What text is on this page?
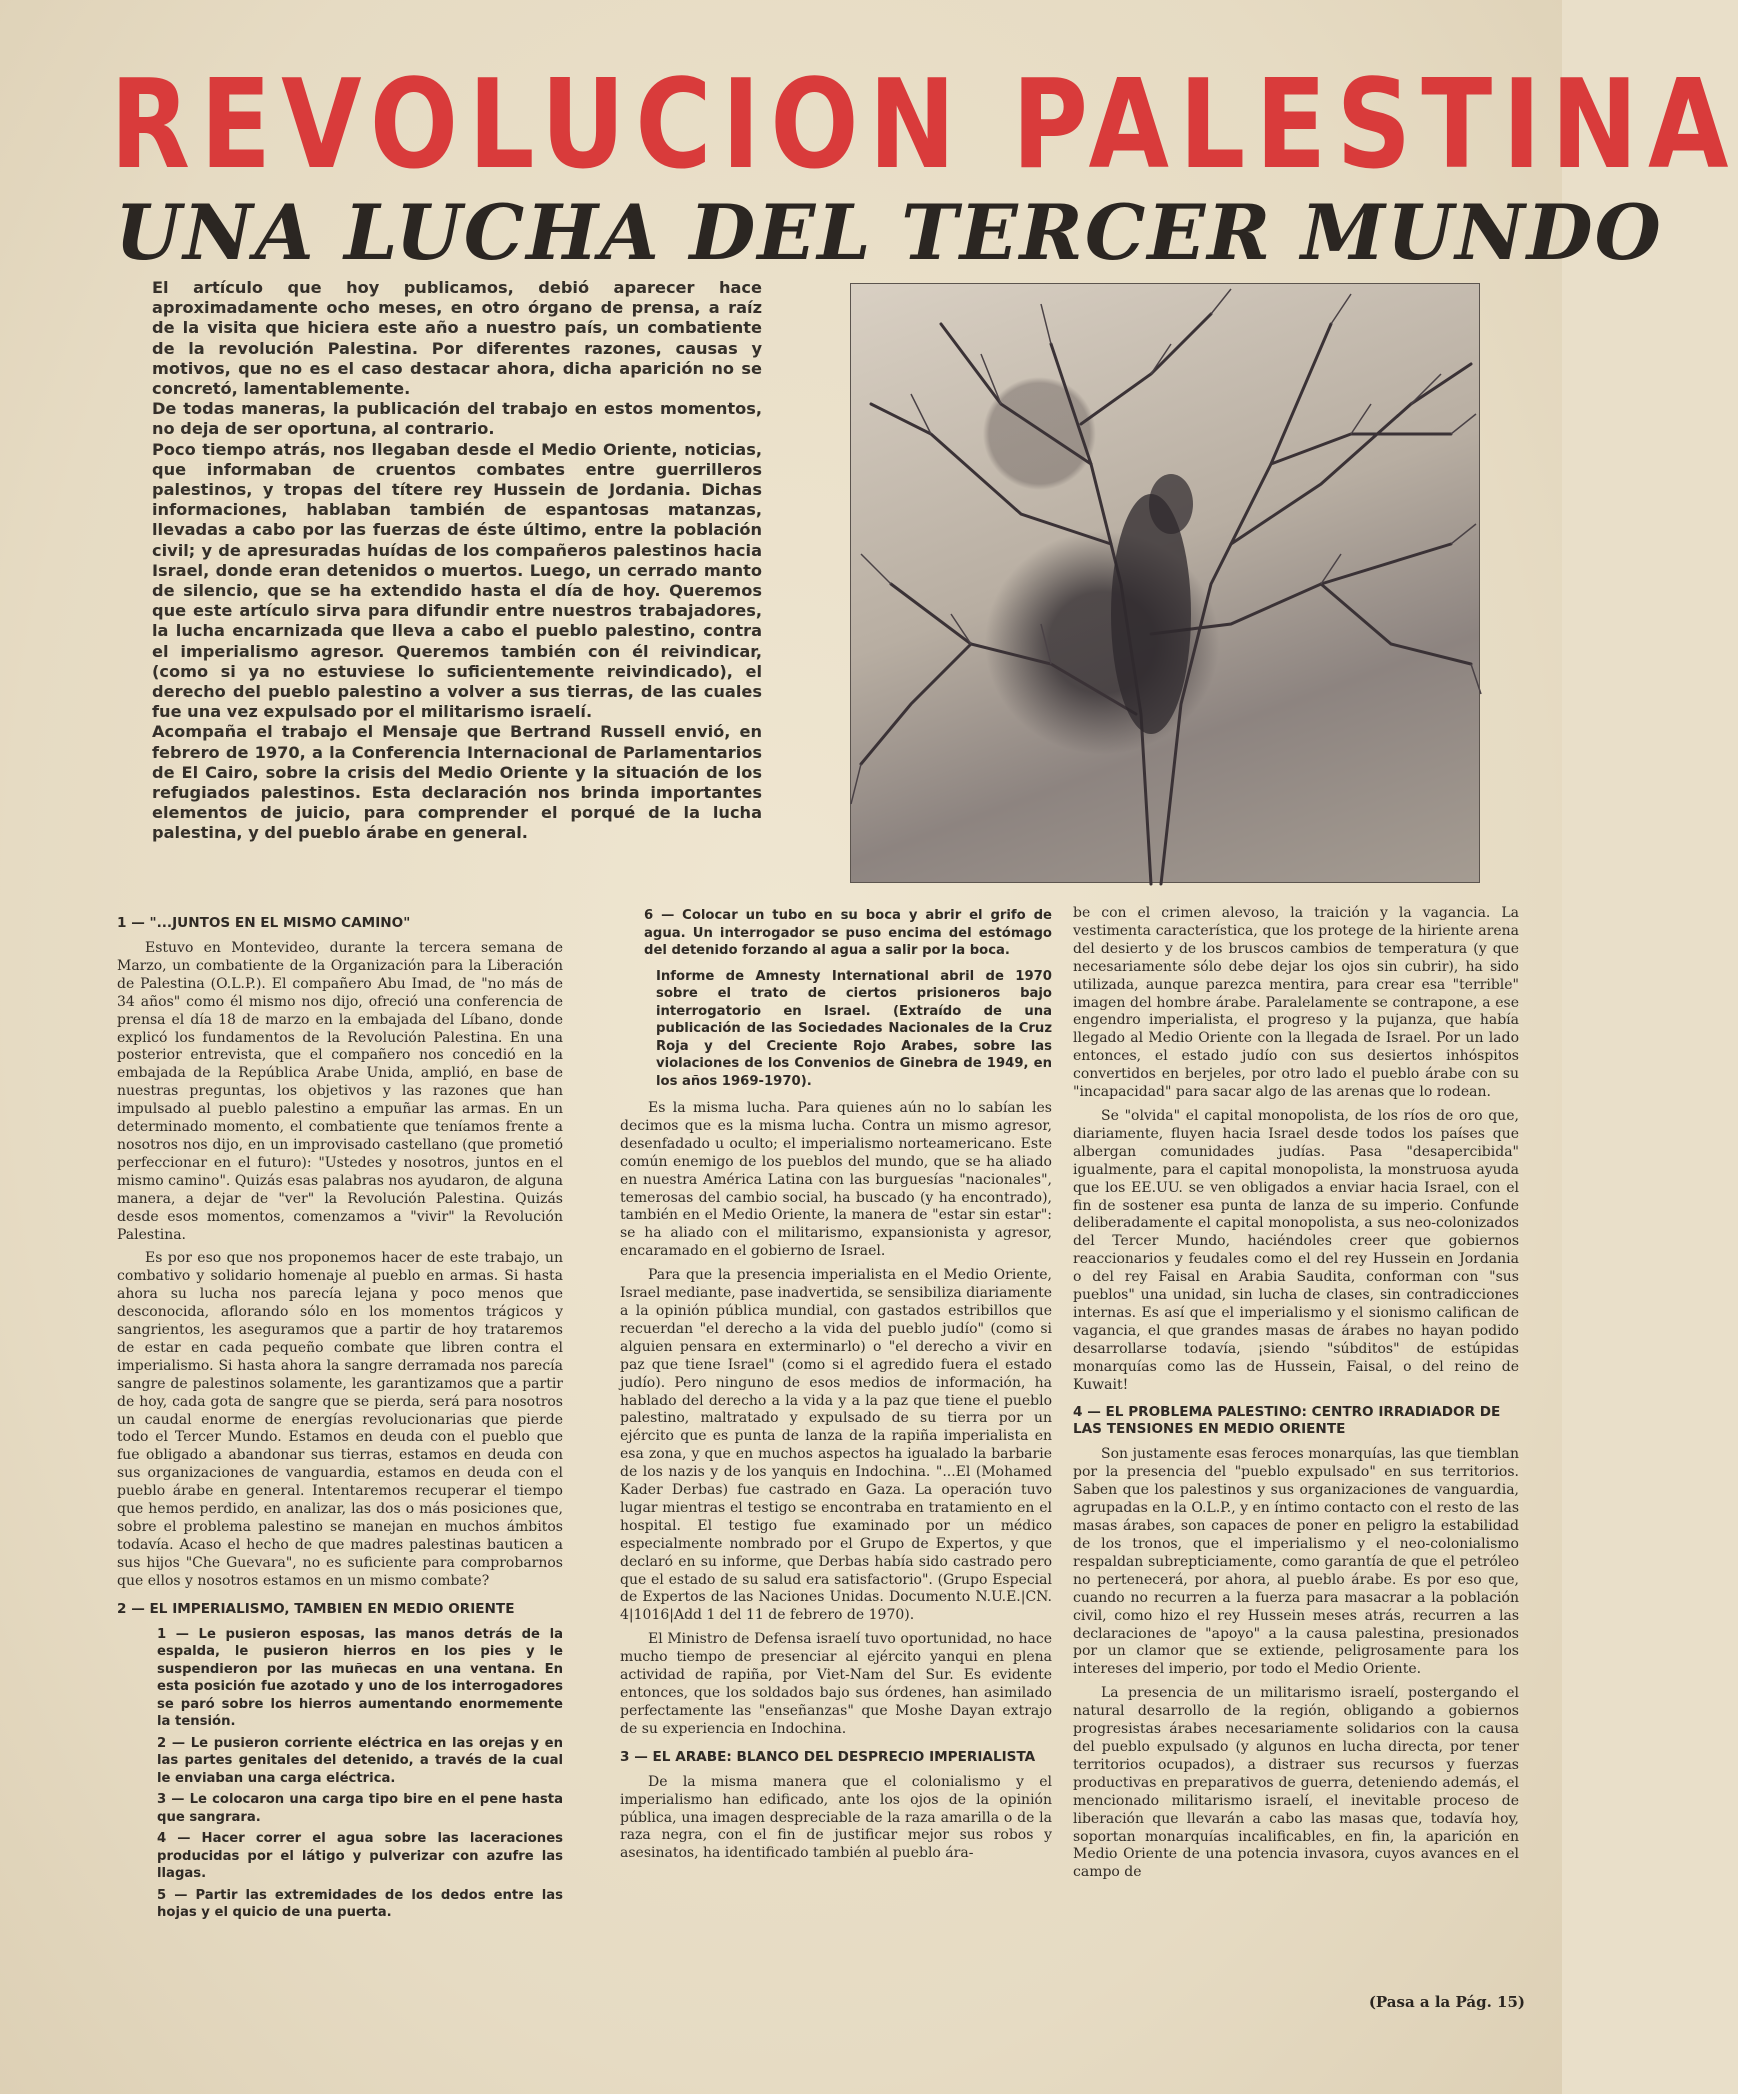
REVOLUCION PALESTINA
UNA LUCHA DEL TERCER MUNDO

El artículo que hoy publicamos, debió aparecer hace aproximadamente ocho meses, en otro órgano de prensa, a raíz de la visita que hiciera este año a nuestro país, un combatiente de la revolución Palestina. Por diferentes razones, causas y motivos, que no es el caso destacar ahora, dicha aparición no se concretó, lamentablemente.

De todas maneras, la publicación del trabajo en estos momentos, no deja de ser oportuna, al contrario.

Poco tiempo atrás, nos llegaban desde el Medio Oriente, noticias, que informaban de cruentos combates entre guerrilleros palestinos, y tropas del títere rey Hussein de Jordania. Dichas informaciones, hablaban también de espantosas matanzas, llevadas a cabo por las fuerzas de éste último, entre la población civil; y de apresuradas huídas de los compañeros palestinos hacia Israel, donde eran detenidos o muertos. Luego, un cerrado manto de silencio, que se ha extendido hasta el día de hoy. Queremos que este artículo sirva para difundir entre nuestros trabajadores, la lucha encarnizada que lleva a cabo el pueblo palestino, contra el imperialismo agresor. Queremos también con él reivindicar, (como si ya no estuviese lo suficientemente reivindicado), el derecho del pueblo palestino a volver a sus tierras, de las cuales fue una vez expulsado por el militarismo israelí.

Acompaña el trabajo el Mensaje que Bertrand Russell envió, en febrero de 1970, a la Conferencia Internacional de Parlamentarios de El Cairo, sobre la crisis del Medio Oriente y la situación de los refugiados palestinos. Esta declaración nos brinda importantes elementos de juicio, para comprender el porqué de la lucha palestina, y del pueblo árabe en general.

1 — "...JUNTOS EN EL MISMO CAMINO"

Estuvo en Montevideo, durante la tercera semana de Marzo, un combatiente de la Organización para la Liberación de Palestina (O.L.P.). El compañero Abu Imad, de "no más de 34 años" como él mismo nos dijo, ofreció una conferencia de prensa el día 18 de marzo en la embajada del Líbano, donde explicó los fundamentos de la Revolución Palestina. En una posterior entrevista, que el compañero nos concedió en la embajada de la República Arabe Unida, amplió, en base de nuestras preguntas, los objetivos y las razones que han impulsado al pueblo palestino a empuñar las armas. En un determinado momento, el combatiente que teníamos frente a nosotros nos dijo, en un improvisado castellano (que prometió perfeccionar en el futuro): "Ustedes y nosotros, juntos en el mismo camino". Quizás esas palabras nos ayudaron, de alguna manera, a dejar de "ver" la Revolución Palestina. Quizás desde esos momentos, comenzamos a "vivir" la Revolución Palestina.

Es por eso que nos proponemos hacer de este trabajo, un combativo y solidario homenaje al pueblo en armas. Si hasta ahora su lucha nos parecía lejana y poco menos que desconocida, aflorando sólo en los momentos trágicos y sangrientos, les aseguramos que a partir de hoy trataremos de estar en cada pequeño combate que libren contra el imperialismo. Si hasta ahora la sangre derramada nos parecía sangre de palestinos solamente, les garantizamos que a partir de hoy, cada gota de sangre que se pierda, será para nosotros un caudal enorme de energías revolucionarias que pierde todo el Tercer Mundo. Estamos en deuda con el pueblo que fue obligado a abandonar sus tierras, estamos en deuda con sus organizaciones de vanguardia, estamos en deuda con el pueblo árabe en general. Intentaremos recuperar el tiempo que hemos perdido, en analizar, las dos o más posiciones que, sobre el problema palestino se manejan en muchos ámbitos todavía. Acaso el hecho de que madres palestinas bauticen a sus hijos "Che Guevara", no es suficiente para comprobarnos que ellos y nosotros estamos en un mismo combate?

2 — EL IMPERIALISMO, TAMBIEN EN MEDIO ORIENTE
1 — Le pusieron esposas, las manos detrás de la espalda, le pusieron hierros en los pies y le suspendieron por las muñecas en una ventana. En esta posición fue azotado y uno de los interrogadores se paró sobre los hierros aumentando enormemente la tensión.
2 — Le pusieron corriente eléctrica en las orejas y en las partes genitales del detenido, a través de la cual le enviaban una carga eléctrica.
3 — Le colocaron una carga tipo bire en el pene hasta que sangrara.
4 — Hacer correr el agua sobre las laceraciones producidas por el látigo y pulverizar con azufre las llagas.
5 — Partir las extremidades de los dedos entre las hojas y el quicio de una puerta.
6 — Colocar un tubo en su boca y abrir el grifo de agua. Un interrogador se puso encima del estómago del detenido forzando al agua a salir por la boca.
Informe de Amnesty International abril de 1970 sobre el trato de ciertos prisioneros bajo interrogatorio en Israel. (Extraído de una publicación de las Sociedades Nacionales de la Cruz Roja y del Creciente Rojo Arabes, sobre las violaciones de los Convenios de Ginebra de 1949, en los años 1969-1970).

Es la misma lucha. Para quienes aún no lo sabían les decimos que es la misma lucha. Contra un mismo agresor, desenfadado u oculto; el imperialismo norteamericano. Este común enemigo de los pueblos del mundo, que se ha aliado en nuestra América Latina con las burguesías "nacionales", temerosas del cambio social, ha buscado (y ha encontrado), también en el Medio Oriente, la manera de "estar sin estar": se ha aliado con el militarismo, expansionista y agresor, encaramado en el gobierno de Israel.

Para que la presencia imperialista en el Medio Oriente, Israel mediante, pase inadvertida, se sensibiliza diariamente a la opinión pública mundial, con gastados estribillos que recuerdan "el derecho a la vida del pueblo judío" (como si alguien pensara en exterminarlo) o "el derecho a vivir en paz que tiene Israel" (como si el agredido fuera el estado judío). Pero ninguno de esos medios de información, ha hablado del derecho a la vida y a la paz que tiene el pueblo palestino, maltratado y expulsado de su tierra por un ejército que es punta de lanza de la rapiña imperialista en esa zona, y que en muchos aspectos ha igualado la barbarie de los nazis y de los yanquis en Indochina. "...El (Mohamed Kader Derbas) fue castrado en Gaza. La operación tuvo lugar mientras el testigo se encontraba en tratamiento en el hospital. El testigo fue examinado por un médico especialmente nombrado por el Grupo de Expertos, y que declaró en su informe, que Derbas había sido castrado pero que el estado de su salud era satisfactorio". (Grupo Especial de Expertos de las Naciones Unidas. Documento N.U.E.|CN. 4|1016|Add 1 del 11 de febrero de 1970).

El Ministro de Defensa israelí tuvo oportunidad, no hace mucho tiempo de presenciar al ejército yanqui en plena actividad de rapiña, por Viet-Nam del Sur. Es evidente entonces, que los soldados bajo sus órdenes, han asimilado perfectamente las "enseñanzas" que Moshe Dayan extrajo de su experiencia en Indochina.

3 — EL ARABE: BLANCO DEL DESPRECIO IMPERIALISTA

De la misma manera que el colonialismo y el imperialismo han edificado, ante los ojos de la opinión pública, una imagen despreciable de la raza amarilla o de la raza negra, con el fin de justificar mejor sus robos y asesinatos, ha identificado también al pueblo ára-

be con el crimen alevoso, la traición y la vagancia. La vestimenta característica, que los protege de la hiriente arena del desierto y de los bruscos cambios de temperatura (y que necesariamente sólo debe dejar los ojos sin cubrir), ha sido utilizada, aunque parezca mentira, para crear esa "terrible" imagen del hombre árabe. Paralelamente se contrapone, a ese engendro imperialista, el progreso y la pujanza, que había llegado al Medio Oriente con la llegada de Israel. Por un lado entonces, el estado judío con sus desiertos inhóspitos convertidos en berjeles, por otro lado el pueblo árabe con su "incapacidad" para sacar algo de las arenas que lo rodean.

Se "olvida" el capital monopolista, de los ríos de oro que, diariamente, fluyen hacia Israel desde todos los países que albergan comunidades judías. Pasa "desapercibida" igualmente, para el capital monopolista, la monstruosa ayuda que los EE.UU. se ven obligados a enviar hacia Israel, con el fin de sostener esa punta de lanza de su imperio. Confunde deliberadamente el capital monopolista, a sus neo-colonizados del Tercer Mundo, haciéndoles creer que gobiernos reaccionarios y feudales como el del rey Hussein en Jordania o del rey Faisal en Arabia Saudita, conforman con "sus pueblos" una unidad, sin lucha de clases, sin contradicciones internas. Es así que el imperialismo y el sionismo califican de vagancia, el que grandes masas de árabes no hayan podido desarrollarse todavía, ¡siendo "súbditos" de estúpidas monarquías como las de Hussein, Faisal, o del reino de Kuwait!

4 — EL PROBLEMA PALESTINO: CENTRO IRRADIADOR DE LAS TENSIONES EN MEDIO ORIENTE

Son justamente esas feroces monarquías, las que tiemblan por la presencia del "pueblo expulsado" en sus territorios. Saben que los palestinos y sus organizaciones de vanguardia, agrupadas en la O.L.P., y en íntimo contacto con el resto de las masas árabes, son capaces de poner en peligro la estabilidad de los tronos, que el imperialismo y el neo-colonialismo respaldan subrepticiamente, como garantía de que el petróleo no pertenecerá, por ahora, al pueblo árabe. Es por eso que, cuando no recurren a la fuerza para masacrar a la población civil, como hizo el rey Hussein meses atrás, recurren a las declaraciones de "apoyo" a la causa palestina, presionados por un clamor que se extiende, peligrosamente para los intereses del imperio, por todo el Medio Oriente.

La presencia de un militarismo israelí, postergando el natural desarrollo de la región, obligando a gobiernos progresistas árabes necesariamente solidarios con la causa del pueblo expulsado (y algunos en lucha directa, por tener territorios ocupados), a distraer sus recursos y fuerzas productivas en preparativos de guerra, deteniendo además, el mencionado militarismo israelí, el inevitable proceso de liberación que llevarán a cabo las masas que, todavía hoy, soportan monarquías incalificables, en fin, la aparición en Medio Oriente de una potencia invasora, cuyos avances en el campo de

(Pasa a la Pág. 15)
